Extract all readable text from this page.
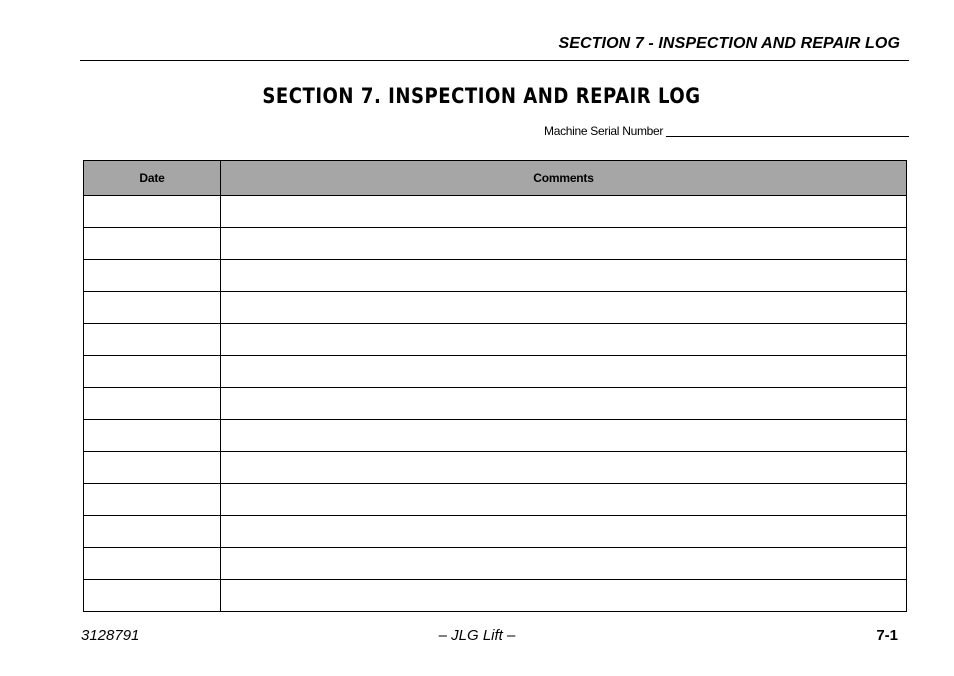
SECTION 7 - INSPECTION AND REPAIR LOG
SECTION 7. INSPECTION AND REPAIR LOG
Machine Serial Number
Date	Comments

3128791	– JLG Lift –	7-1
